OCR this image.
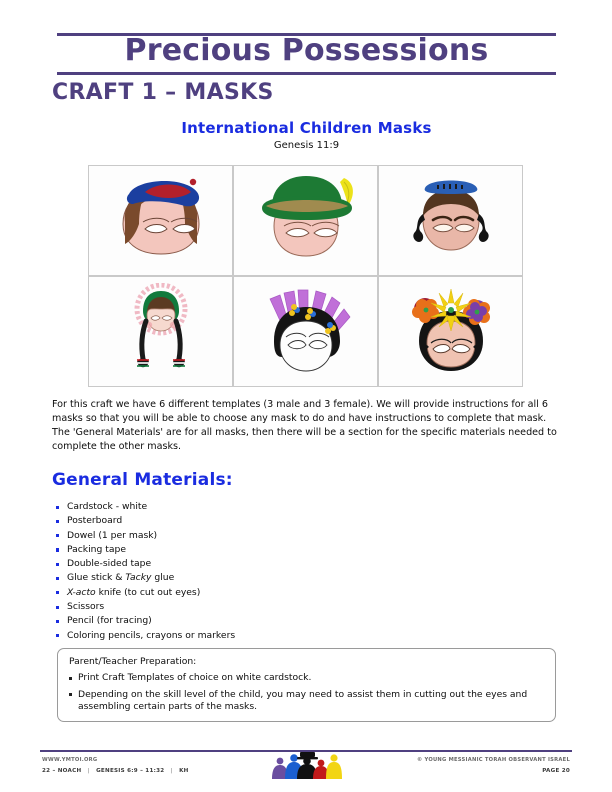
Precious Possessions
CRAFT 1 – MASKS
International Children Masks
Genesis 11:9
For this craft we have 6 different templates (3 male and 3 female). We will provide instructions for all 6 masks so that you will be able to choose any mask to do and have instructions to complete that mask. The 'General Materials' are for all masks, then there will be a section for the specific materials needed to complete the other masks.
General Materials:
Cardstock - white
Posterboard
Dowel (1 per mask)
Packing tape
Double-sided tape
Glue stick & Tacky glue
X-acto knife (to cut out eyes)
Scissors
Pencil (for tracing)
Coloring pencils, crayons or markers
Parent/Teacher Preparation:
Print Craft Templates of choice on white cardstock.
Depending on the skill level of the child, you may need to assist them in cutting out the eyes and assembling certain parts of the masks.
WWW.YMTOI.ORG
22 – NOACH | GENESIS 6:9 – 11:32 | KH
© YOUNG MESSIANIC TORAH OBSERVANT ISRAEL
PAGE 20
